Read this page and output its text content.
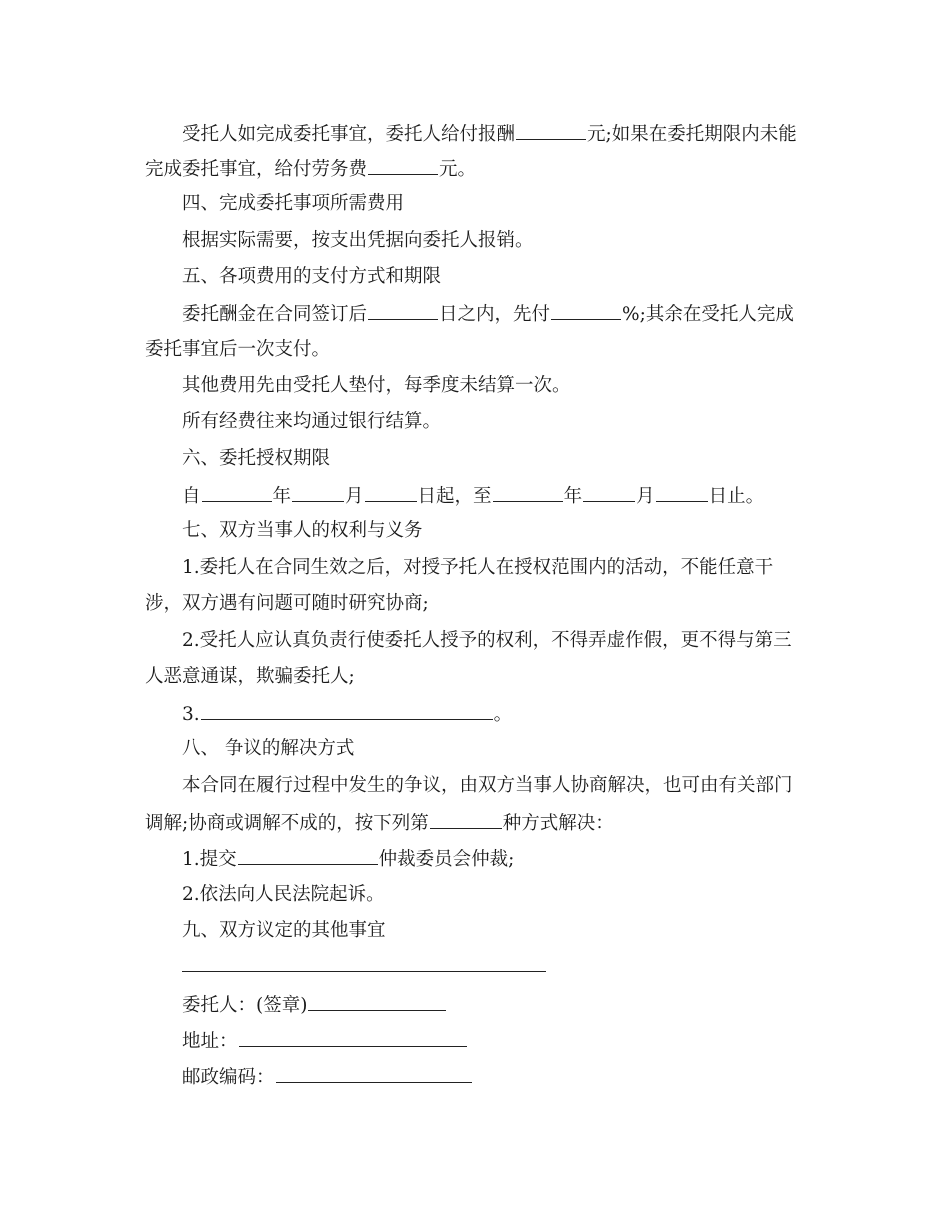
受托人如完成委托事宜，委托人给付报酬	元;如果在委托期限内未能
完成委托事宜，给付劳务费	元。
四、完成委托事项所需费用
根据实际需要，按支出凭据向委托人报销。
五、各项费用的支付方式和期限
委托酬金在合同签订后	日之内，先付	%;其余在受托人完成
委托事宜后一次支付。
其他费用先由受托人垫付，每季度未结算一次。
所有经费往来均通过银行结算。
六、委托授权期限
自	年	月	日起，至	年	月	日止。
七、双方当事人的权利与义务
1.委托人在合同生效之后，对授予托人在授权范围内的活动，不能任意干
涉，双方遇有问题可随时研究协商;
2.受托人应认真负责行使委托人授予的权利，不得弄虚作假，更不得与第三
人恶意通谋，欺骗委托人;
3.	。
八、 争议的解决方式
本合同在履行过程中发生的争议，由双方当事人协商解决，也可由有关部门
调解;协商或调解不成的，按下列第	种方式解决：
1.提交	仲裁委员会仲裁;
2.依法向人民法院起诉。
九、双方议定的其他事宜
委托人：(签章)
地址：
邮政编码：
